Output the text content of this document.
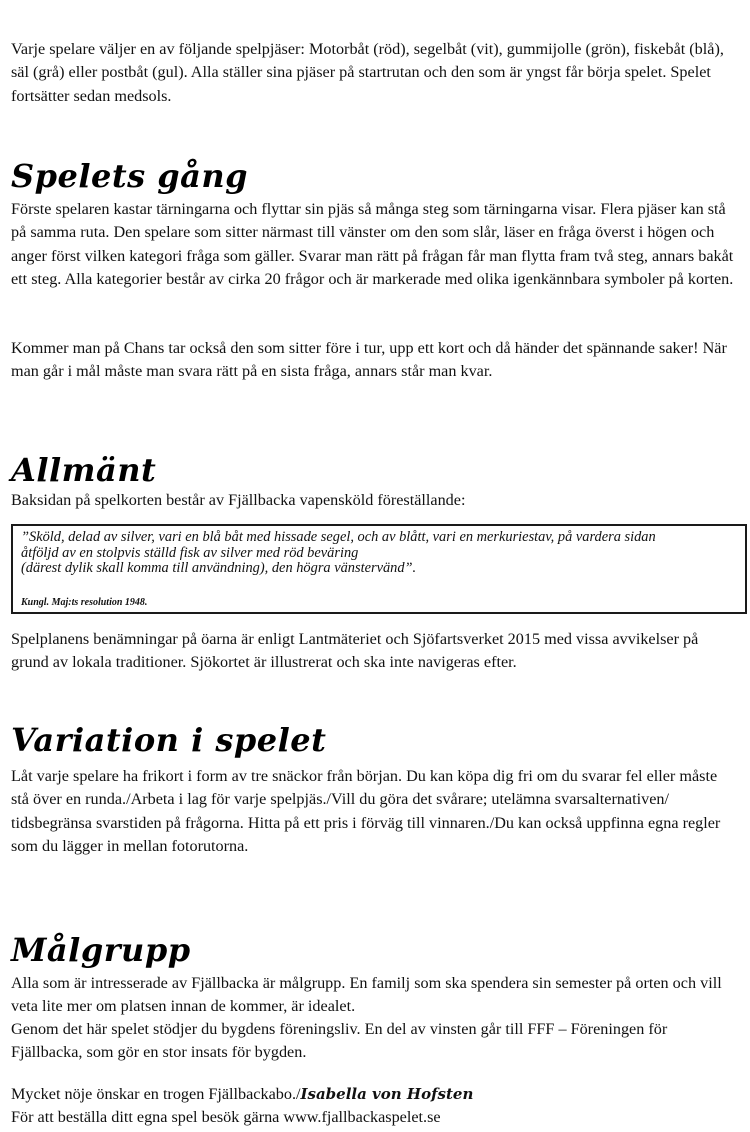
Varje spelare väljer en av följande spelpjäser: Motorbåt (röd), segelbåt (vit), gummijolle (grön), fiskebåt (blå), säl (grå) eller postbåt (gul). Alla ställer sina pjäser på startrutan och den som är yngst får börja spelet. Spelet fortsätter sedan medsols.

Spelets gång

Förste spelaren kastar tärningarna och flyttar sin pjäs så många steg som tärningarna visar. Flera pjäser kan stå på samma ruta. Den spelare som sitter närmast till vänster om den som slår, läser en fråga överst i högen och anger först vilken kategori fråga som gäller. Svarar man rätt på frågan får man flytta fram två steg, annars bakåt ett steg. Alla kategorier består av cirka 20 frågor och är markerade med olika igenkännbara symboler på korten.

Kommer man på Chans tar också den som sitter före i tur, upp ett kort och då händer det spännande saker! När man går i mål måste man svara rätt på en sista fråga, annars står man kvar.

Allmänt

Baksidan på spelkorten består av Fjällbacka vapensköld föreställande:

”Sköld, delad av silver, vari en blå båt med hissade segel, och av blått, vari en merkuriestav, på vardera sidan

åtföljd av en stolpvis ställd fisk av silver med röd beväring

(därest dylik skall komma till användning), den högra vänstervänd”.

Kungl. Maj:ts resolution 1948.

Spelplanens benämningar på öarna är enligt Lantmäteriet och Sjöfartsverket 2015 med vissa avvikelser på grund av lokala traditioner. Sjökortet är illustrerat och ska inte navigeras efter.

Variation i spelet

Låt varje spelare ha frikort i form av tre snäckor från början. Du kan köpa dig fri om du svarar fel eller måste stå över en runda./Arbeta i lag för varje spelpjäs./Vill du göra det svårare; utelämna svarsalternativen/ tidsbegränsa svarstiden på frågorna. Hitta på ett pris i förväg till vinnaren./Du kan också uppfinna egna regler som du lägger in mellan fotorutorna.

Målgrupp

Alla som är intresserade av Fjällbacka är målgrupp. En familj som ska spendera sin semester på orten och vill veta lite mer om platsen innan de kommer, är idealet.

Genom det här spelet stödjer du bygdens föreningsliv. En del av vinsten går till FFF – Föreningen för Fjällbacka, som gör en stor insats för bygden.

Mycket nöje önskar en trogen Fjällbackabo./Isabella von Hofsten

För att beställa ditt egna spel besök gärna www.fjallbackaspelet.se
